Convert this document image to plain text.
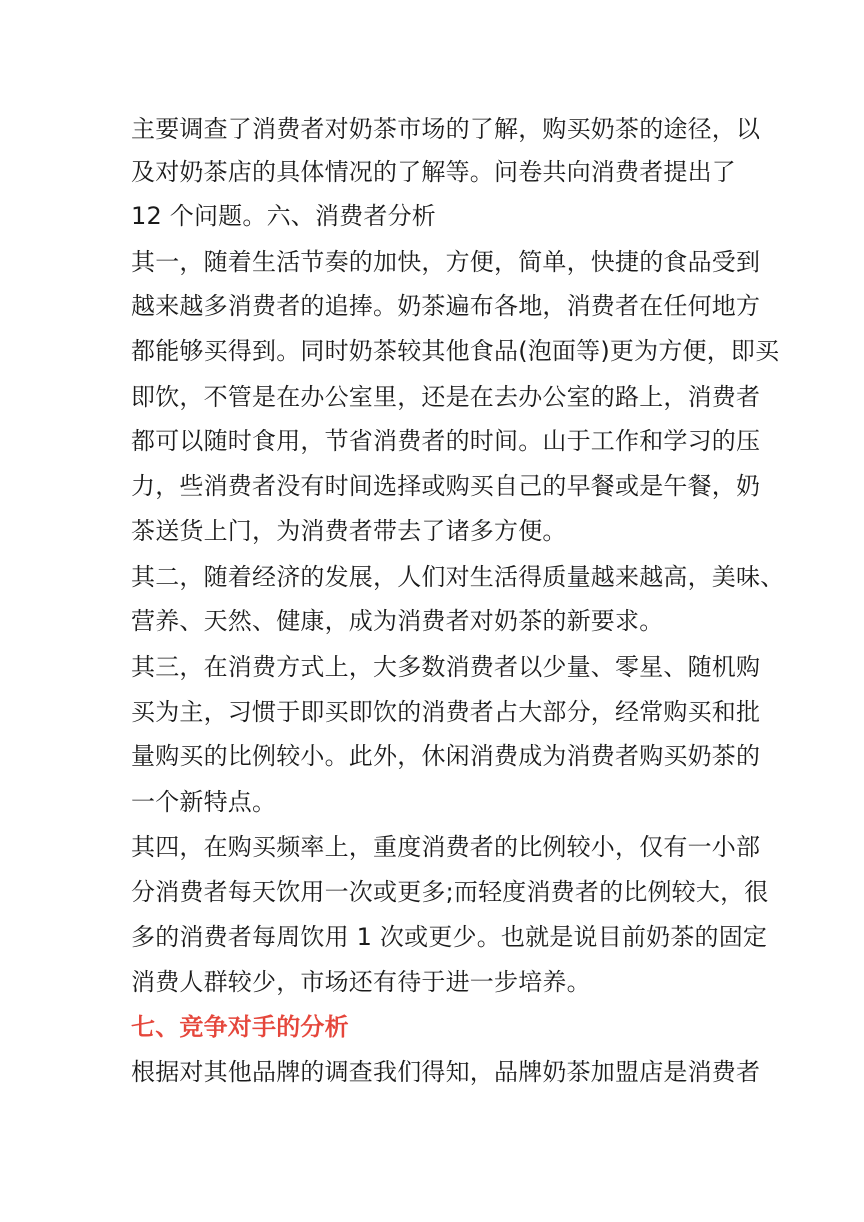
主要调查了消费者对奶茶市场的了解，购买奶茶的途径，以
及对奶茶店的具体情况的了解等。问卷共向消费者提出了
12 个问题。六、消费者分析
其一，随着生活节奏的加快，方便，简单，快捷的食品受到
越来越多消费者的追捧。奶茶遍布各地，消费者在任何地方
都能够买得到。同时奶茶较其他食品(泡面等)更为方便，即买
即饮，不管是在办公室里，还是在去办公室的路上，消费者
都可以随时食用，节省消费者的时间。山于工作和学习的压
力，些消费者没有时间选择或购买自己的早餐或是午餐，奶
茶送货上门，为消费者带去了诸多方便。
其二，随着经济的发展，人们对生活得质量越来越高，美味、
营养、天然、健康，成为消费者对奶茶的新要求。
其三，在消费方式上，大多数消费者以少量、零星、随机购
买为主，习惯于即买即饮的消费者占大部分，经常购买和批
量购买的比例较小。此外，休闲消费成为消费者购买奶茶的
一个新特点。
其四，在购买频率上，重度消费者的比例较小，仅有一小部
分消费者每天饮用一次或更多;而轻度消费者的比例较大，很
多的消费者每周饮用 1 次或更少。也就是说目前奶茶的固定
消费人群较少，市场还有待于进一步培养。
七、竞争对手的分析
根据对其他品牌的调查我们得知，品牌奶茶加盟店是消费者
